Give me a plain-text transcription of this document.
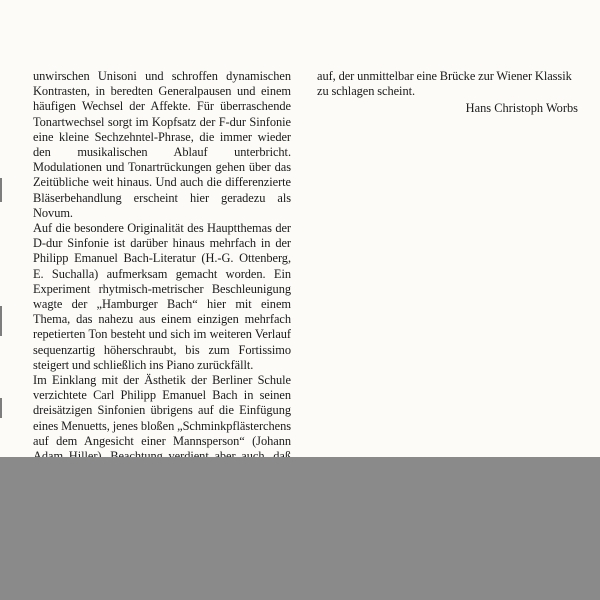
unwirschen Unisoni und schroffen dynamischen Kontrasten, in beredten Generalpausen und einem häufigen Wechsel der Affekte. Für überraschende Tonartwechsel sorgt im Kopfsatz der F-dur Sinfonie eine kleine Sechzehntel-Phrase, die immer wieder den musikalischen Ablauf unterbricht. Modulationen und Tonartrückungen gehen über das Zeitübliche weit hinaus. Und auch die differenzierte Bläserbehandlung erscheint hier geradezu als Novum.

Auf die besondere Originalität des Hauptthemas der D-dur Sinfonie ist darüber hinaus mehrfach in der Philipp Emanuel Bach-Literatur (H.-G. Ottenberg, E. Suchalla) aufmerksam gemacht worden. Ein Experiment rhytmisch-metrischer Beschleunigung wagte der „Hamburger Bach“ hier mit einem Thema, das nahezu aus einem einzigen mehrfach repetierten Ton besteht und sich im weiteren Verlauf sequenzartig höherschraubt, bis zum Fortissimo steigert und schließlich ins Piano zurückfällt.

Im Einklang mit der Ästhetik der Berliner Schule verzichtete Carl Philipp Emanuel Bach in seinen dreisätzigen Sinfonien übrigens auf die Einfügung eines Menuetts, jenes bloßen „Schminkpflästerchens auf dem Angesicht einer Mannsperson“ (Johann

auf, der unmittelbar eine Brücke zur Wiener Klassik zu schlagen scheint.

Hans Christoph Worbs
